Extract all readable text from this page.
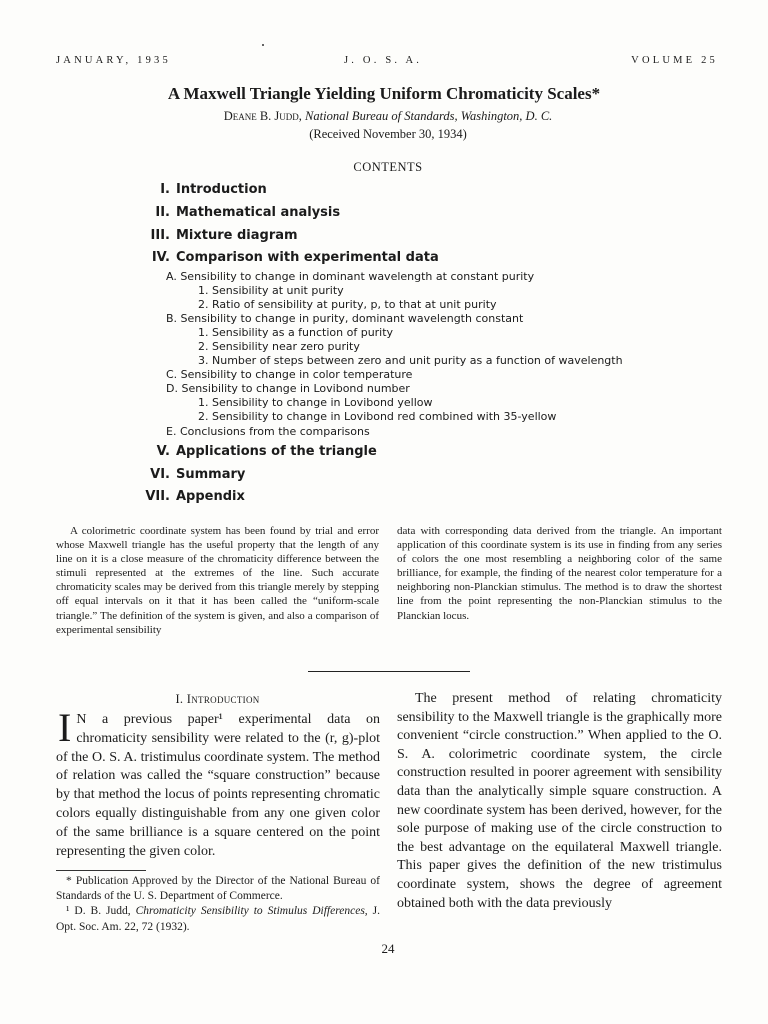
JANUARY, 1935	J. O. S. A.	VOLUME 25
A Maxwell Triangle Yielding Uniform Chromaticity Scales*
Deane B. Judd, National Bureau of Standards, Washington, D. C.
(Received November 30, 1934)
CONTENTS
I. Introduction
II. Mathematical analysis
III. Mixture diagram
IV. Comparison with experimental data
A. Sensibility to change in dominant wavelength at constant purity
1. Sensibility at unit purity
2. Ratio of sensibility at purity, p, to that at unit purity
B. Sensibility to change in purity, dominant wavelength constant
1. Sensibility as a function of purity
2. Sensibility near zero purity
3. Number of steps between zero and unit purity as a function of wavelength
C. Sensibility to change in color temperature
D. Sensibility to change in Lovibond number
1. Sensibility to change in Lovibond yellow
2. Sensibility to change in Lovibond red combined with 35-yellow
E. Conclusions from the comparisons
V. Applications of the triangle
VI. Summary
VII. Appendix
A colorimetric coordinate system has been found by trial and error whose Maxwell triangle has the useful property that the length of any line on it is a close measure of the chromaticity difference between the stimuli represented at the extremes of the line. Such accurate chromaticity scales may be derived from this triangle merely by stepping off equal intervals on it that it has been called the “uniform-scale triangle.” The definition of the system is given, and also a comparison of experimental sensibility
data with corresponding data derived from the triangle. An important application of this coordinate system is its use in finding from any series of colors the one most resembling a neighboring color of the same brilliance, for example, the finding of the nearest color temperature for a neighboring non-Planckian stimulus. The method is to draw the shortest line from the point representing the non-Planckian stimulus to the Planckian locus.
I. Introduction
I N a previous paper¹ experimental data on chromaticity sensibility were related to the (r, g)-plot of the O. S. A. tristimulus coordinate system. The method of relation was called the “square construction” because by that method the locus of points representing chromatic colors equally distinguishable from any one given color of the same brilliance is a square centered on the point representing the given color.
The present method of relating chromaticity sensibility to the Maxwell triangle is the graphically more convenient “circle construction.” When applied to the O. S. A. colorimetric coordinate system, the circle construction resulted in poorer agreement with sensibility data than the analytically simple square construction. A new coordinate system has been derived, however, for the sole purpose of making use of the circle construction to the best advantage on the equilateral Maxwell triangle. This paper gives the definition of the new tristimulus coordinate system, shows the degree of agreement obtained both with the data previously

* Publication Approved by the Director of the National Bureau of Standards of the U. S. Department of Commerce.

¹ D. B. Judd, Chromaticity Sensibility to Stimulus Differences, J. Opt. Soc. Am. 22, 72 (1932).

24
